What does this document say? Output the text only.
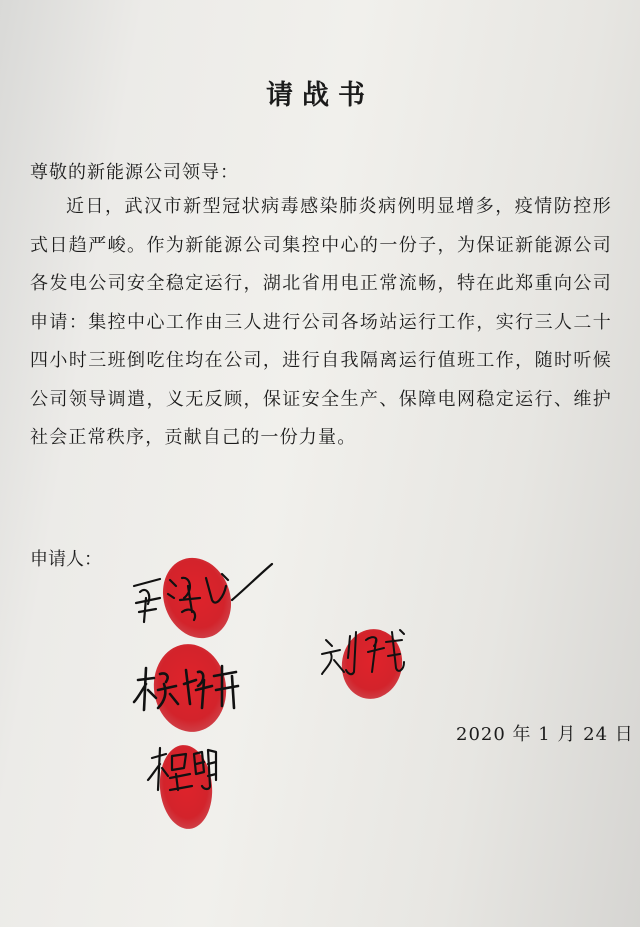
请战书
尊敬的新能源公司领导：
近日，武汉市新型冠状病毒感染肺炎病例明显增多，疫情防控形式日趋严峻。作为新能源公司集控中心的一份子，为保证新能源公司各发电公司安全稳定运行，湖北省用电正常流畅，特在此郑重向公司申请：集控中心工作由三人进行公司各场站运行工作，实行三人二十四小时三班倒吃住均在公司，进行自我隔离运行值班工作，随时听候公司领导调遣，义无反顾，保证安全生产、保障电网稳定运行、维护社会正常秩序，贡献自己的一份力量。
申请人：
2020 年 1 月 24 日
